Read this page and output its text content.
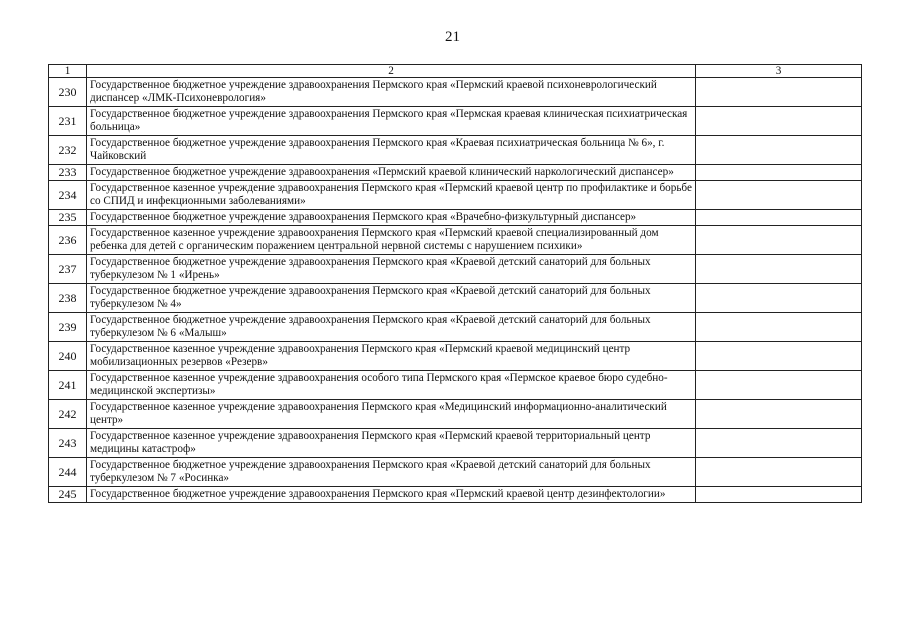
21
1	2	3
230	Государственное бюджетное учреждение здравоохранения Пермского края «Пермский краевой психоневрологический диспансер «ЛМК-Психоневрология»	
231	Государственное бюджетное учреждение здравоохранения Пермского края «Пермская краевая клиническая психиатрическая больница»	
232	Государственное бюджетное учреждение здравоохранения Пермского края «Краевая психиатрическая больница № 6», г. Чайковский	
233	Государственное бюджетное учреждение здравоохранения «Пермский краевой клинический наркологический диспансер»	
234	Государственное казенное учреждение здравоохранения Пермского края «Пермский краевой центр по профилактике и борьбе со СПИД и инфекционными заболеваниями»	
235	Государственное бюджетное учреждение здравоохранения Пермского края «Врачебно-физкультурный диспансер»	
236	Государственное казенное учреждение здравоохранения Пермского края «Пермский краевой специализированный дом ребенка для детей с органическим поражением центральной нервной системы с нарушением психики»	
237	Государственное бюджетное учреждение здравоохранения Пермского края «Краевой детский санаторий для больных туберкулезом № 1 «Ирень»	
238	Государственное бюджетное учреждение здравоохранения Пермского края «Краевой детский санаторий для больных туберкулезом № 4»	
239	Государственное бюджетное учреждение здравоохранения Пермского края «Краевой детский санаторий для больных туберкулезом № 6 «Малыш»	
240	Государственное казенное учреждение здравоохранения Пермского края «Пермский краевой медицинский центр мобилизационных резервов «Резерв»	
241	Государственное казенное учреждение здравоохранения особого типа Пермского края «Пермское краевое бюро судебно-медицинской экспертизы»	
242	Государственное казенное учреждение здравоохранения Пермского края «Медицинский информационно-аналитический центр»	
243	Государственное казенное учреждение здравоохранения Пермского края «Пермский краевой территориальный центр медицины катастроф»	
244	Государственное бюджетное учреждение здравоохранения Пермского края «Краевой детский санаторий для больных туберкулезом № 7 «Росинка»	
245	Государственное бюджетное учреждение здравоохранения Пермского края «Пермский краевой центр дезинфектологии»	
